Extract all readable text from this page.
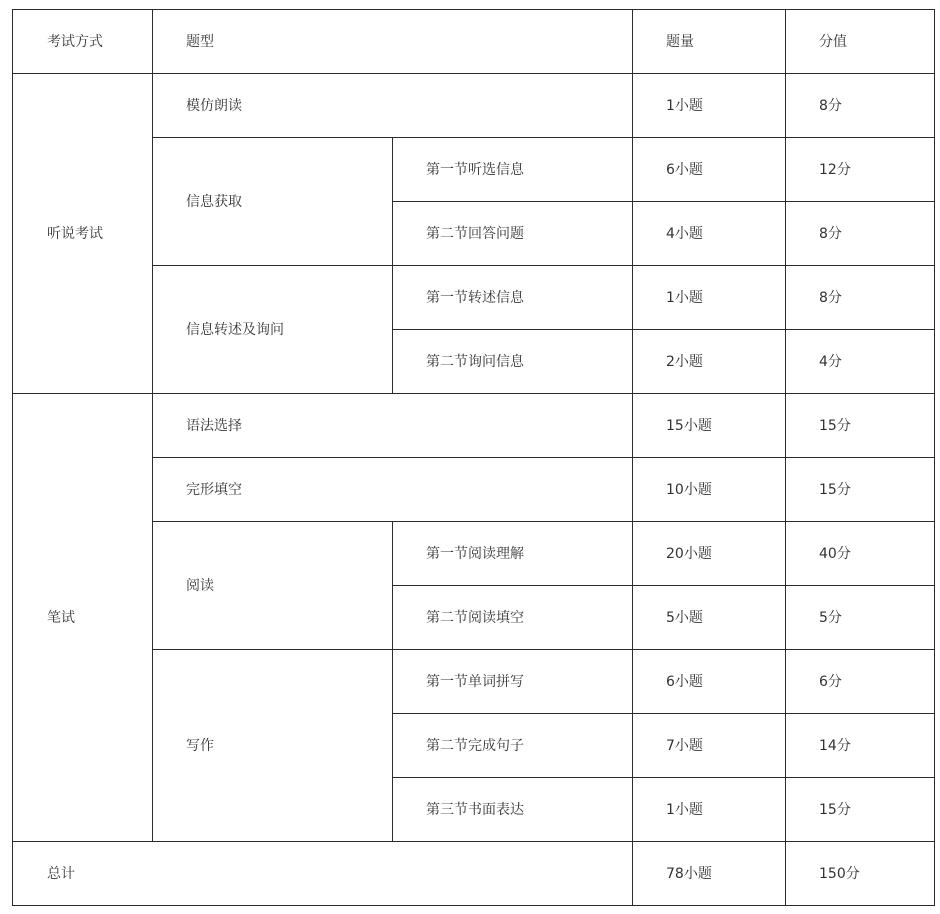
考试方式	题型		题量	分值
听说考试	模仿朗读		1小题	8分
	信息获取	第一节听选信息	6小题	12分
		第二节回答问题	4小题	8分
	信息转述及询问	第一节转述信息	1小题	8分
		第二节询问信息	2小题	4分
笔试	语法选择		15小题	15分
	完形填空		10小题	15分
	阅读	第一节阅读理解	20小题	40分
		第二节阅读填空	5小题	5分
	写作	第一节单词拼写	6小题	6分
		第二节完成句子	7小题	14分
		第三节书面表达	1小题	15分
总计			78小题	150分
